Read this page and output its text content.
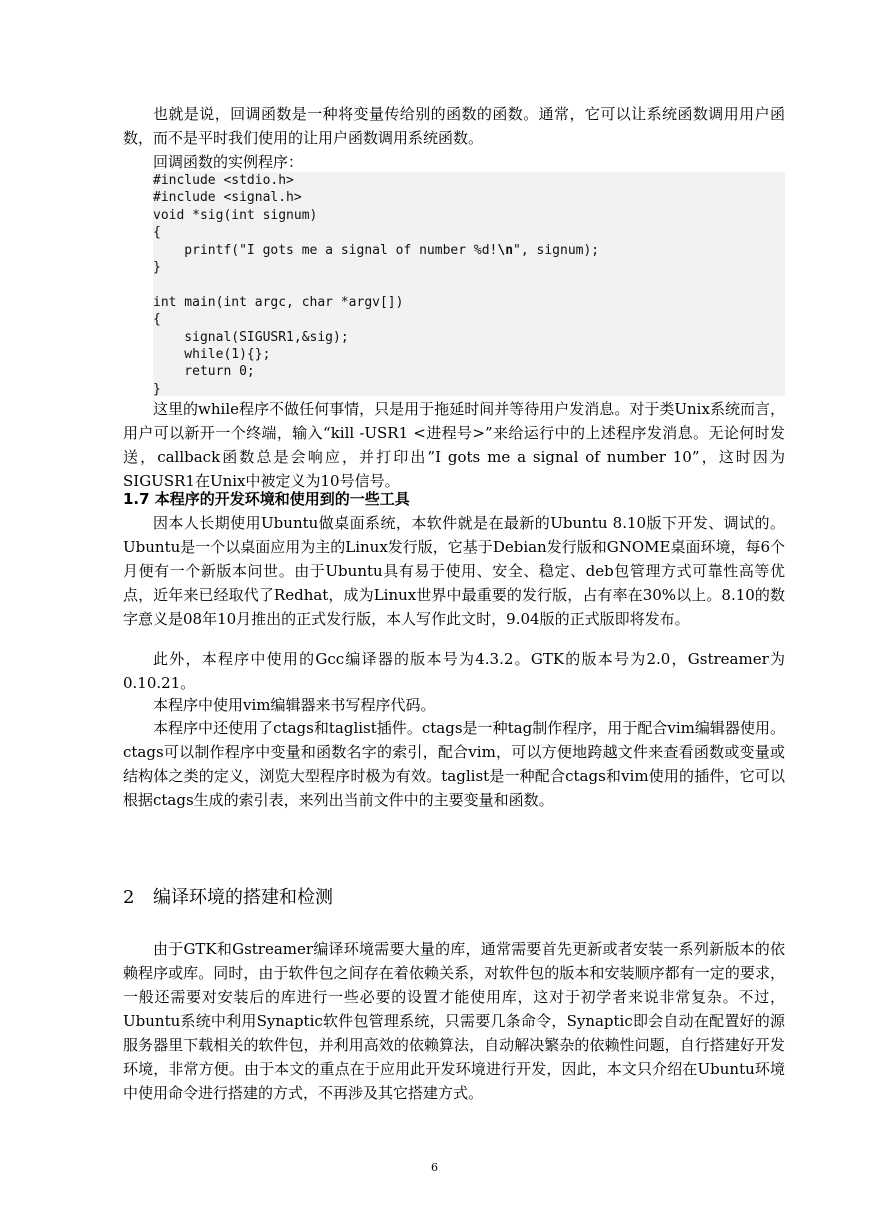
也就是说，回调函数是一种将变量传给别的函数的函数。通常，它可以让系统函数调用用户函数，而不是平时我们使用的让用户函数调用系统函数。

回调函数的实例程序：

#include <stdio.h>
#include <signal.h>
void *sig(int signum)
{
printf("I gots me a signal of number %d!\n", signum);
}

int main(int argc, char *argv[])
{
signal(SIGUSR1,&sig);
while(1){};
return 0;
}

这里的while程序不做任何事情，只是用于拖延时间并等待用户发消息。对于类Unix系统而言，用户可以新开一个终端，输入“kill -USR1 <进程号>”来给运行中的上述程序发消息。无论何时发送，callback函数总是会响应，并打印出”I gots me a signal of number 10”，这时因为SIGUSR1在Unix中被定义为10号信号。

1.7 本程序的开发环境和使用到的一些工具

因本人长期使用Ubuntu做桌面系统，本软件就是在最新的Ubuntu 8.10版下开发、调试的。Ubuntu是一个以桌面应用为主的Linux发行版，它基于Debian发行版和GNOME桌面环境，每6个月便有一个新版本问世。由于Ubuntu具有易于使用、安全、稳定、deb包管理方式可靠性高等优点，近年来已经取代了Redhat，成为Linux世界中最重要的发行版，占有率在30%以上。8.10的数字意义是08年10月推出的正式发行版，本人写作此文时，9.04版的正式版即将发布。

此外，本程序中使用的Gcc编译器的版本号为4.3.2。GTK的版本号为2.0，Gstreamer为0.10.21。

本程序中使用vim编辑器来书写程序代码。

本程序中还使用了ctags和taglist插件。ctags是一种tag制作程序，用于配合vim编辑器使用。ctags可以制作程序中变量和函数名字的索引，配合vim，可以方便地跨越文件来查看函数或变量或结构体之类的定义，浏览大型程序时极为有效。taglist是一种配合ctags和vim使用的插件，它可以根据ctags生成的索引表，来列出当前文件中的主要变量和函数。

2 编译环境的搭建和检测

由于GTK和Gstreamer编译环境需要大量的库，通常需要首先更新或者安装一系列新版本的依赖程序或库。同时，由于软件包之间存在着依赖关系，对软件包的版本和安装顺序都有一定的要求，一般还需要对安装后的库进行一些必要的设置才能使用库，这对于初学者来说非常复杂。不过，Ubuntu系统中利用Synaptic软件包管理系统，只需要几条命令，Synaptic即会自动在配置好的源服务器里下载相关的软件包，并利用高效的依赖算法，自动解决繁杂的依赖性问题，自行搭建好开发环境，非常方便。由于本文的重点在于应用此开发环境进行开发，因此，本文只介绍在Ubuntu环境中使用命令进行搭建的方式，不再涉及其它搭建方式。

6
